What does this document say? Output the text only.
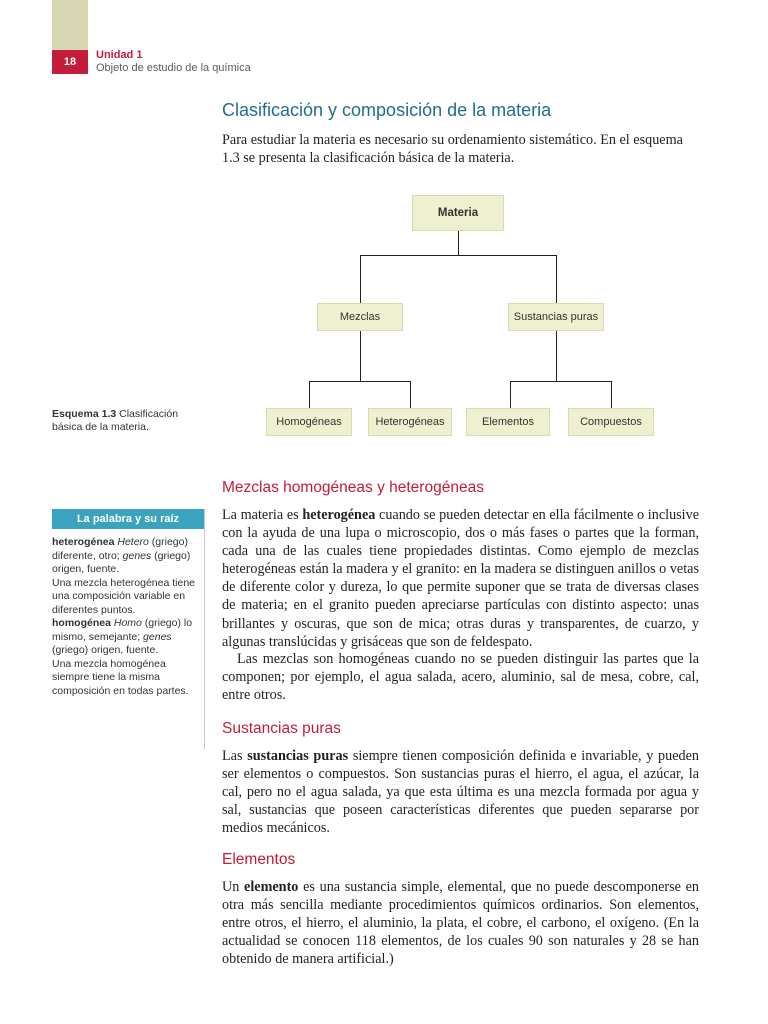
18

Unidad 1

Objeto de estudio de la química

Clasificación y composición de la materia

Para estudiar la materia es necesario su ordenamiento sistemático. En el esquema 1.3 se presenta la clasificación básica de la materia.

Materia
Mezclas	Sustancias puras
Homogéneas	Heterogéneas	Elementos	Compuestos

Esquema 1.3 Clasificación básica de la materia.

La palabra y su raíz

heterogénea Hetero (griego) diferente, otro; genes (griego) origen, fuente.

Una mezcla heterogénea tiene una composición variable en diferentes puntos.

homogénea Homo (griego) lo mismo, semejante; genes (griego) origen, fuente.

Una mezcla homogénea siempre tiene la misma composición en todas partes.

Mezclas homogéneas y heterogéneas

La materia es heterogénea cuando se pueden detectar en ella fácilmente o inclusive con la ayuda de una lupa o microscopio, dos o más fases o partes que la forman, cada una de las cuales tiene propiedades distintas. Como ejemplo de mezclas heterogéneas están la madera y el granito: en la madera se distinguen anillos o vetas de diferente color y dureza, lo que permite suponer que se trata de diversas clases de materia; en el granito pueden apreciarse partículas con distinto aspecto: unas brillantes y oscuras, que son de mica; otras duras y transparentes, de cuarzo, y algunas translúcidas y grisáceas que son de feldespato.

Las mezclas son homogéneas cuando no se pueden distinguir las partes que la componen; por ejemplo, el agua salada, acero, aluminio, sal de mesa, cobre, cal, entre otros.

Sustancias puras

Las sustancias puras siempre tienen composición definida e invariable, y pueden ser elementos o compuestos. Son sustancias puras el hierro, el agua, el azúcar, la cal, pero no el agua salada, ya que esta última es una mezcla formada por agua y sal, sustancias que poseen características diferentes que pueden separarse por medios mecánicos.

Elementos

Un elemento es una sustancia simple, elemental, que no puede descomponerse en otra más sencilla mediante procedimientos químicos ordinarios. Son elementos, entre otros, el hierro, el aluminio, la plata, el cobre, el carbono, el oxígeno. (En la actualidad se conocen 118 elementos, de los cuales 90 son naturales y 28 se han obtenido de manera artificial.)
